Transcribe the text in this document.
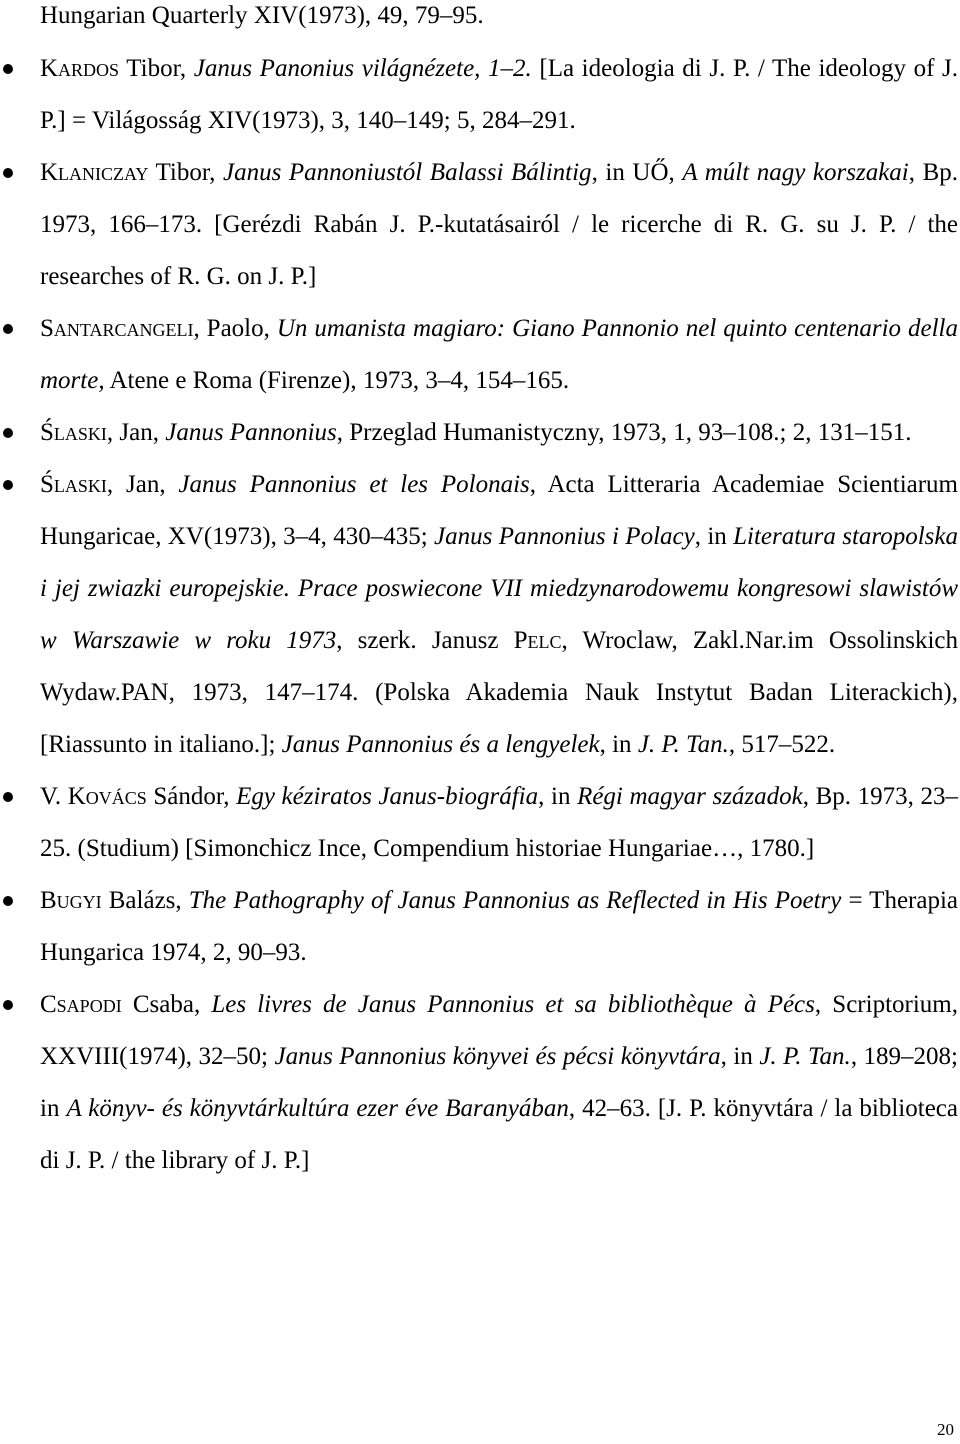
Hungarian Quarterly XIV(1973), 49, 79–95.
Kardos Tibor, Janus Panonius világnézete, 1–2. [La ideologia di J. P. / The ideology of J. P.] = Világosság XIV(1973), 3, 140–149; 5, 284–291.
Klaniczay Tibor, Janus Pannoniustól Balassi Bálintig, in UŐ, A múlt nagy korszakai, Bp. 1973, 166–173. [Gerézdi Rabán J. P.-kutatásairól / le ricerche di R. G. su J. P. / the researches of R. G. on J. P.]
Santarcangeli, Paolo, Un umanista magiaro: Giano Pannonio nel quinto centenario della morte, Atene e Roma (Firenze), 1973, 3–4, 154–165.
Ślaski, Jan, Janus Pannonius, Przeglad Humanistyczny, 1973, 1, 93–108.; 2, 131–151.
Ślaski, Jan, Janus Pannonius et les Polonais, Acta Litteraria Academiae Scientiarum Hungaricae, XV(1973), 3–4, 430–435; Janus Pannonius i Polacy, in Literatura staropolska i jej zwiazki europejskie. Prace poswiecone VII miedzynarodowemu kongresowi slawistów w Warszawie w roku 1973, szerk. Janusz Pelc, Wroclaw, Zakl.Nar.im Ossolinskich Wydaw.PAN, 1973, 147–174. (Polska Akademia Nauk Instytut Badan Literackich), [Riassunto in italiano.]; Janus Pannonius és a lengyelek, in J. P. Tan., 517–522.
V. Kovács Sándor, Egy kéziratos Janus-biográfia, in Régi magyar századok, Bp. 1973, 23–25. (Studium) [Simonchicz Ince, Compendium historiae Hungariae…, 1780.]
Bugyi Balázs, The Pathography of Janus Pannonius as Reflected in His Poetry = Therapia Hungarica 1974, 2, 90–93.
Csapodi Csaba, Les livres de Janus Pannonius et sa bibliothèque à Pécs, Scriptorium, XXVIII(1974), 32–50; Janus Pannonius könyvei és pécsi könyvtára, in J. P. Tan., 189–208; in A könyv- és könyvtárkultúra ezer éve Baranyában, 42–63. [J. P. könyvtára / la biblioteca di J. P. / the library of J. P.]
20
